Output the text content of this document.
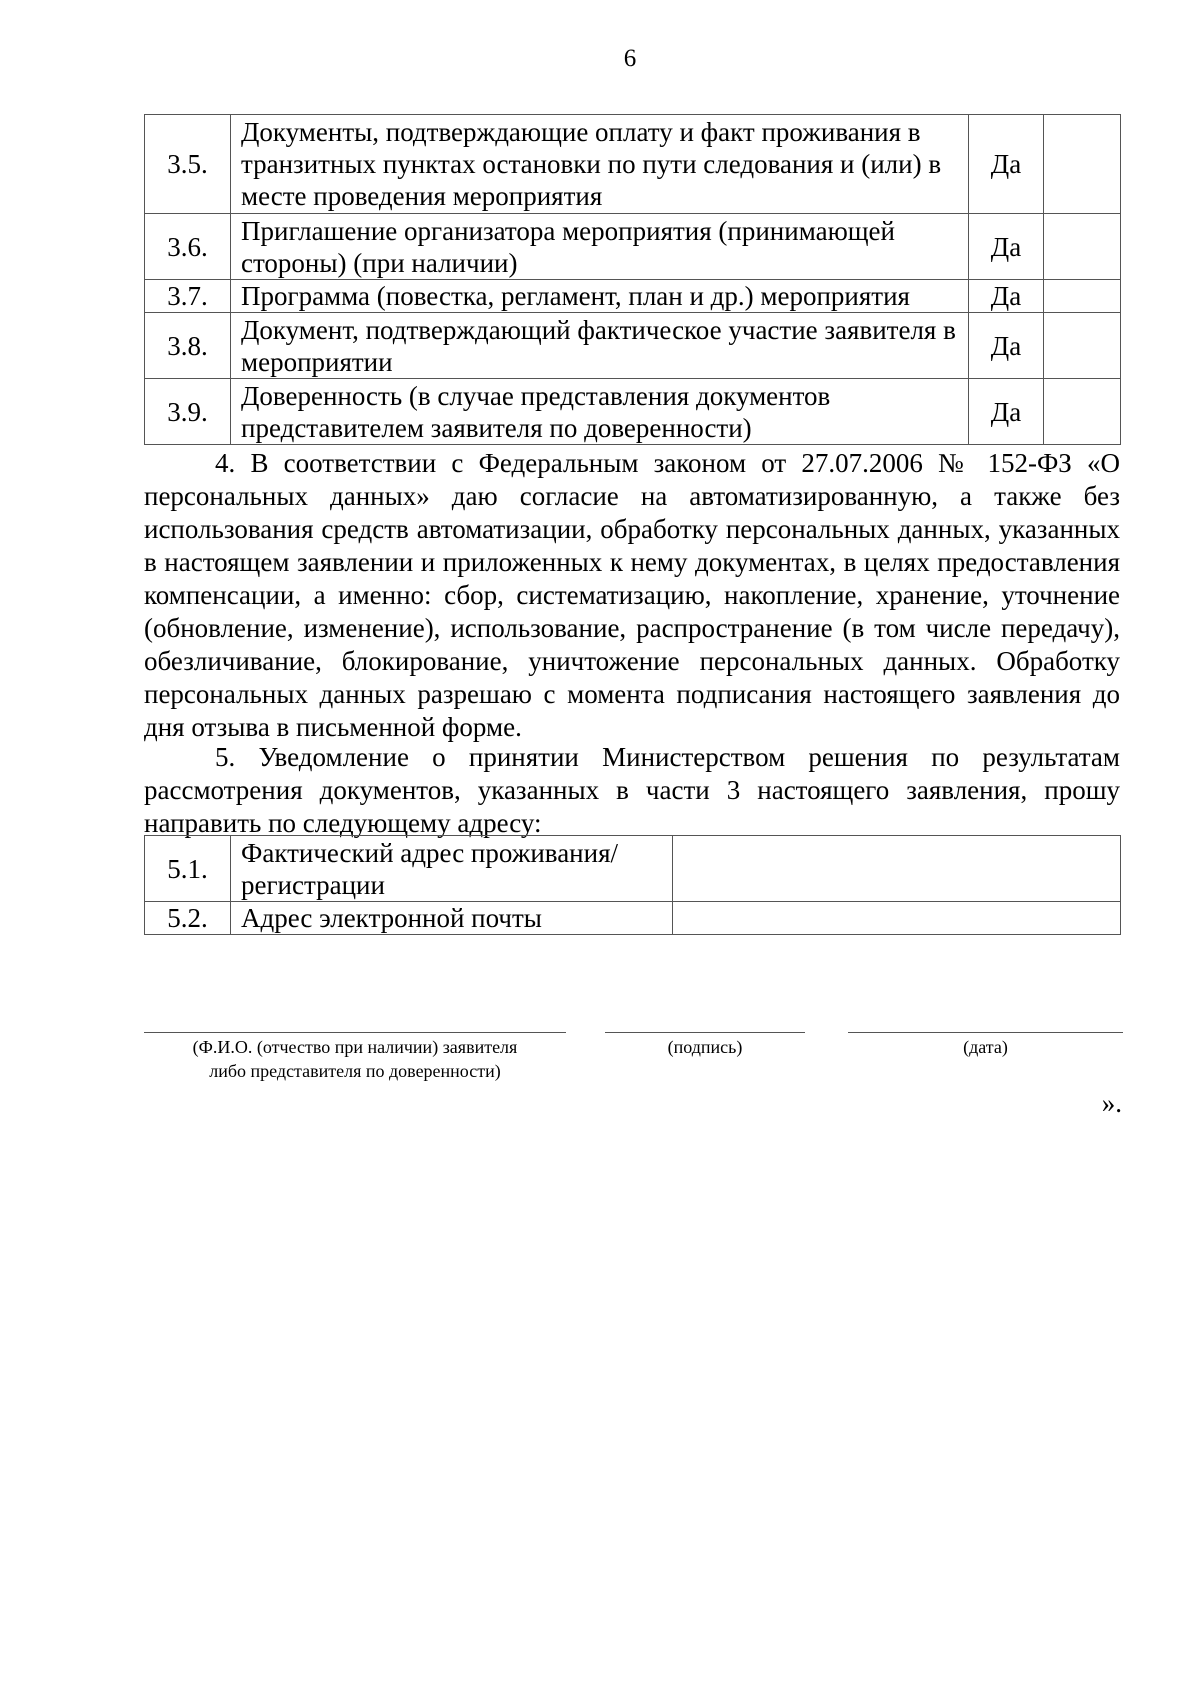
6
3.5.	Документы, подтверждающие оплату и факт проживания в транзитных пунктах остановки по пути следования и (или) в месте проведения мероприятия	Да	
3.6.	Приглашение организатора мероприятия (принимающей стороны) (при наличии)	Да	
3.7.	Программа (повестка, регламент, план и др.) мероприятия	Да	
3.8.	Документ, подтверждающий фактическое участие заявителя в мероприятии	Да	
3.9.	Доверенность (в случае представления документов представителем заявителя по доверенности)	Да	

4. В соответствии с Федеральным законом от 27.07.2006 № 152-ФЗ «О персональных данных» даю согласие на автоматизированную, а также без использования средств автоматизации, обработку персональных данных, указанных в настоящем заявлении и приложенных к нему документах, в целях предоставления компенсации, а именно: сбор, систематизацию, накопление, хранение, уточнение (обновление, изменение), использование, распространение (в том числе передачу), обезличивание, блокирование, уничтожение персональных данных. Обработку персональных данных разрешаю с момента подписания настоящего заявления до дня отзыва в письменной форме.

5. Уведомление о принятии Министерством решения по результатам рассмотрения документов, указанных в части 3 настоящего заявления, прошу направить по следующему адресу:

5.1.	Фактический адрес проживания/ регистрации	
5.2.	Адрес электронной почты	
(Ф.И.О. (отчество при наличии) заявителя
либо представителя по доверенности)
(подпись)	(дата)
».
